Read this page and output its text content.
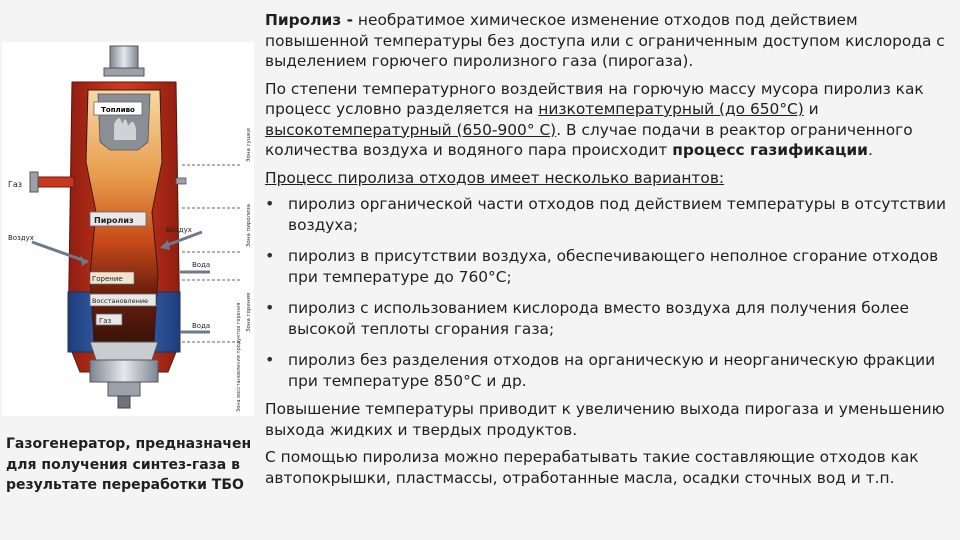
Топливо
Газ
Пиролиз
Воздух
Воздух
Вода
Горение
Восстановление
Газ
Вода
Зона сушки
Зона пиролиза
Зона горения
Зона восстановления продуктов горения
Газогенератор, предназначен для получения синтез-газа в результате переработки ТБО

Пиролиз - необратимое химическое изменение отходов под действием повышенной температуры без доступа или с ограниченным доступом кислорода с выделением горючего пиролизного газа (пирогаза).

По степени температурного воздействия на горючую массу мусора пиролиз как процесс условно разделяется на низкотемпературный (до 650°С) и высокотемпературный (650-900° С). В случае подачи в реактор ограниченного количества воздуха и водяного пара происходит процесс газификации.

Процесс пиролиза отходов имеет несколько вариантов:

• пиролиз органической части отходов под действием температуры в отсутствии воздуха;
• пиролиз в присутствии воздуха, обеспечивающего неполное сгорание отходов при температуре до 760°С;
• пиролиз с использованием кислорода вместо воздуха для получения более высокой теплоты сгорания газа;
• пиролиз без разделения отходов на органическую и неорганическую фракции при температуре 850°С и др.

Повышение температуры приводит к увеличению выхода пирогаза и уменьшению выхода жидких и твердых продуктов.

С помощью пиролиза можно перерабатывать такие составляющие отходов как автопокрышки, пластмассы, отработанные масла, осадки сточных вод и т.п.
